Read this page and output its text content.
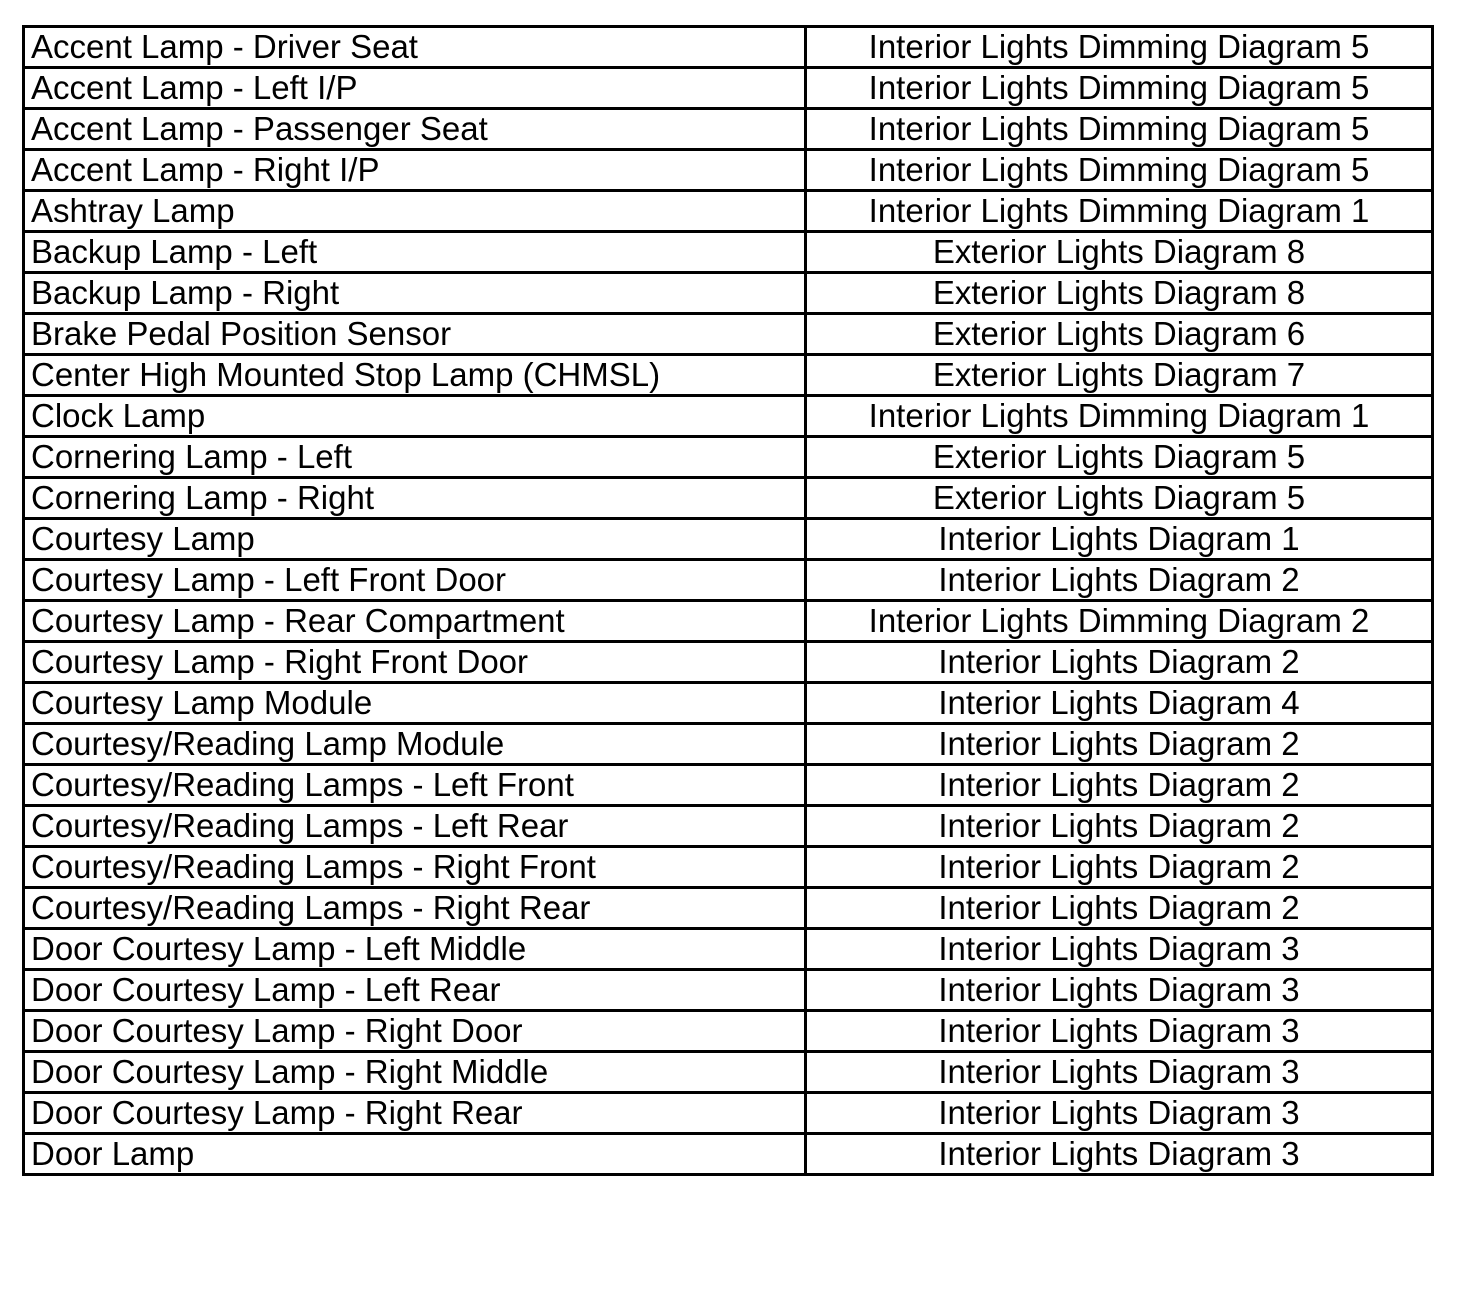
Accent Lamp - Driver Seat	Interior Lights Dimming Diagram 5
Accent Lamp - Left I/P	Interior Lights Dimming Diagram 5
Accent Lamp - Passenger Seat	Interior Lights Dimming Diagram 5
Accent Lamp - Right I/P	Interior Lights Dimming Diagram 5
Ashtray Lamp	Interior Lights Dimming Diagram 1
Backup Lamp - Left	Exterior Lights Diagram 8
Backup Lamp - Right	Exterior Lights Diagram 8
Brake Pedal Position Sensor	Exterior Lights Diagram 6
Center High Mounted Stop Lamp (CHMSL)	Exterior Lights Diagram 7
Clock Lamp	Interior Lights Dimming Diagram 1
Cornering Lamp - Left	Exterior Lights Diagram 5
Cornering Lamp - Right	Exterior Lights Diagram 5
Courtesy Lamp	Interior Lights Diagram 1
Courtesy Lamp - Left Front Door	Interior Lights Diagram 2
Courtesy Lamp - Rear Compartment	Interior Lights Dimming Diagram 2
Courtesy Lamp - Right Front Door	Interior Lights Diagram 2
Courtesy Lamp Module	Interior Lights Diagram 4
Courtesy/Reading Lamp Module	Interior Lights Diagram 2
Courtesy/Reading Lamps - Left Front	Interior Lights Diagram 2
Courtesy/Reading Lamps - Left Rear	Interior Lights Diagram 2
Courtesy/Reading Lamps - Right Front	Interior Lights Diagram 2
Courtesy/Reading Lamps - Right Rear	Interior Lights Diagram 2
Door Courtesy Lamp - Left Middle	Interior Lights Diagram 3
Door Courtesy Lamp - Left Rear	Interior Lights Diagram 3
Door Courtesy Lamp - Right Door	Interior Lights Diagram 3
Door Courtesy Lamp - Right Middle	Interior Lights Diagram 3
Door Courtesy Lamp - Right Rear	Interior Lights Diagram 3
Door Lamp	Interior Lights Diagram 3
